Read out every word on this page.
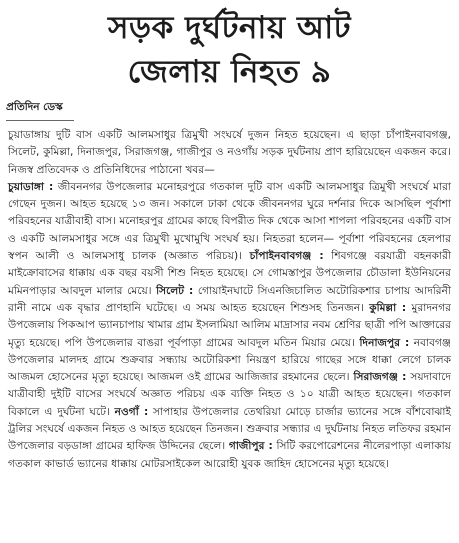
সড়ক দুর্ঘটনায় আট
জেলায় নিহত ৯
প্রতিদিন ডেস্ক

চুয়াডাঙ্গায় দুটি বাস একটি আলমসাধুর ত্রিমুখী সংঘর্ষে দুজন নিহত হয়েছেন। এ ছাড়া চাঁপাইনবাবগঞ্জ, সিলেট, কুমিল্লা, দিনাজপুর, সিরাজগঞ্জ, গাজীপুর ও নওগাঁয় সড়ক দুর্ঘটনায় প্রাণ হারিয়েছেন একজন করে। নিজস্ব প্রতিবেদক ও প্রতিনিধিদের পাঠানো খবর—
চুয়াডাঙ্গা : জীবননগর উপজেলার মনোহরপুরে গতকাল দুটি বাস একটি আলমসাধুর ত্রিমুখী সংঘর্ষে মারা গেছেন দুজন। আহত হয়েছে ১৩ জন। সকালে ঢাকা থেকে জীবননগর ঘুরে দর্শনার দিকে আসছিল পূর্বাশা পরিবহনের যাত্রীবাহী বাস। মনোহরপুর গ্রামের কাছে বিপরীত দিক থেকে আসা শাপলা পরিবহনের একটি বাস ও একটি আলমসাধুর সঙ্গে এর ত্রিমুখী মুখোমুখি সংঘর্ষ হয়। নিহতরা হলেন— পূর্বাশা পরিবহনের হেলপার স্বপন আলী ও আলমসাধু চালক (অজ্ঞাত পরিচয়)। চাঁপাইনবাবগঞ্জ : শিবগঞ্জে বরযাত্রী বহনকারী মাইক্রোবাসের ধাক্কায় এক বছর বয়সী শিশু নিহত হয়েছে। সে গোমস্তাপুর উপজেলার চৌডালা ইউনিয়নের মমিনপাড়ার আবদুল মালার মেয়ে। সিলেট : গোয়াইনঘাটে সিএনজিচালিত অটোরিকশার চাপায় আদরিনী রানী নামে এক বৃদ্ধার প্রাণহানি ঘটেছে। এ সময় আহত হয়েছেন শিশুসহ তিনজন। কুমিল্লা : মুরাদনগর উপজেলায় পিকআপ ভ্যানচাপায় খামার গ্রাম ইসলামিয়া আলিম মাদ্রাসার নবম শ্রেণির ছাত্রী পপি আক্তারের মৃত্যু হয়েছে। পপি উপজেলার বাঙরা পূর্বপাড়া গ্রামের আবদুল মতিন মিয়ার মেয়ে। দিনাজপুর : নবাবগঞ্জ উপজেলার মালদহ গ্রামে শুক্রবার সন্ধ্যায় অটোরিকশা নিয়ন্ত্রণ হারিয়ে গাছের সঙ্গে ধাক্কা লেগে চালক আজমল হোসেনের মৃত্যু হয়েছে। আজমল ওই গ্রামের আজিজার রহমানের ছেলে। সিরাজগঞ্জ : সয়দাবাদে যাত্রীবাহী দুইটি বাসের সংঘর্ষে অজ্ঞাত পরিচয় এক ব্যক্তি নিহত ও ১০ যাত্রী আহত হয়েছেন। গতকাল বিকালে এ দুর্ঘটনা ঘটে। নওগাঁ : সাপাহার উপজেলার তেথরিয়া মোড়ে চার্জার ভ্যানের সঙ্গে বাঁশবোঝাই ট্রলির সংঘর্ষে একজন নিহত ও আহত হয়েছেন তিনজন। শুক্রবার সন্ধ্যার এ দুর্ঘটনায় নিহত লতিফর রহমান উপজেলার বড়ডাঙ্গা গ্রামের হাফিজ উদ্দিনের ছেলে। গাজীপুর : সিটি করপোরেশনের নীলেরপাড়া এলাকায় গতকাল কাভার্ড ভ্যানের ধাক্কায় মোটরসাইকেল আরোহী যুবক জাহিদ হোসেনের মৃত্যু হয়েছে।
